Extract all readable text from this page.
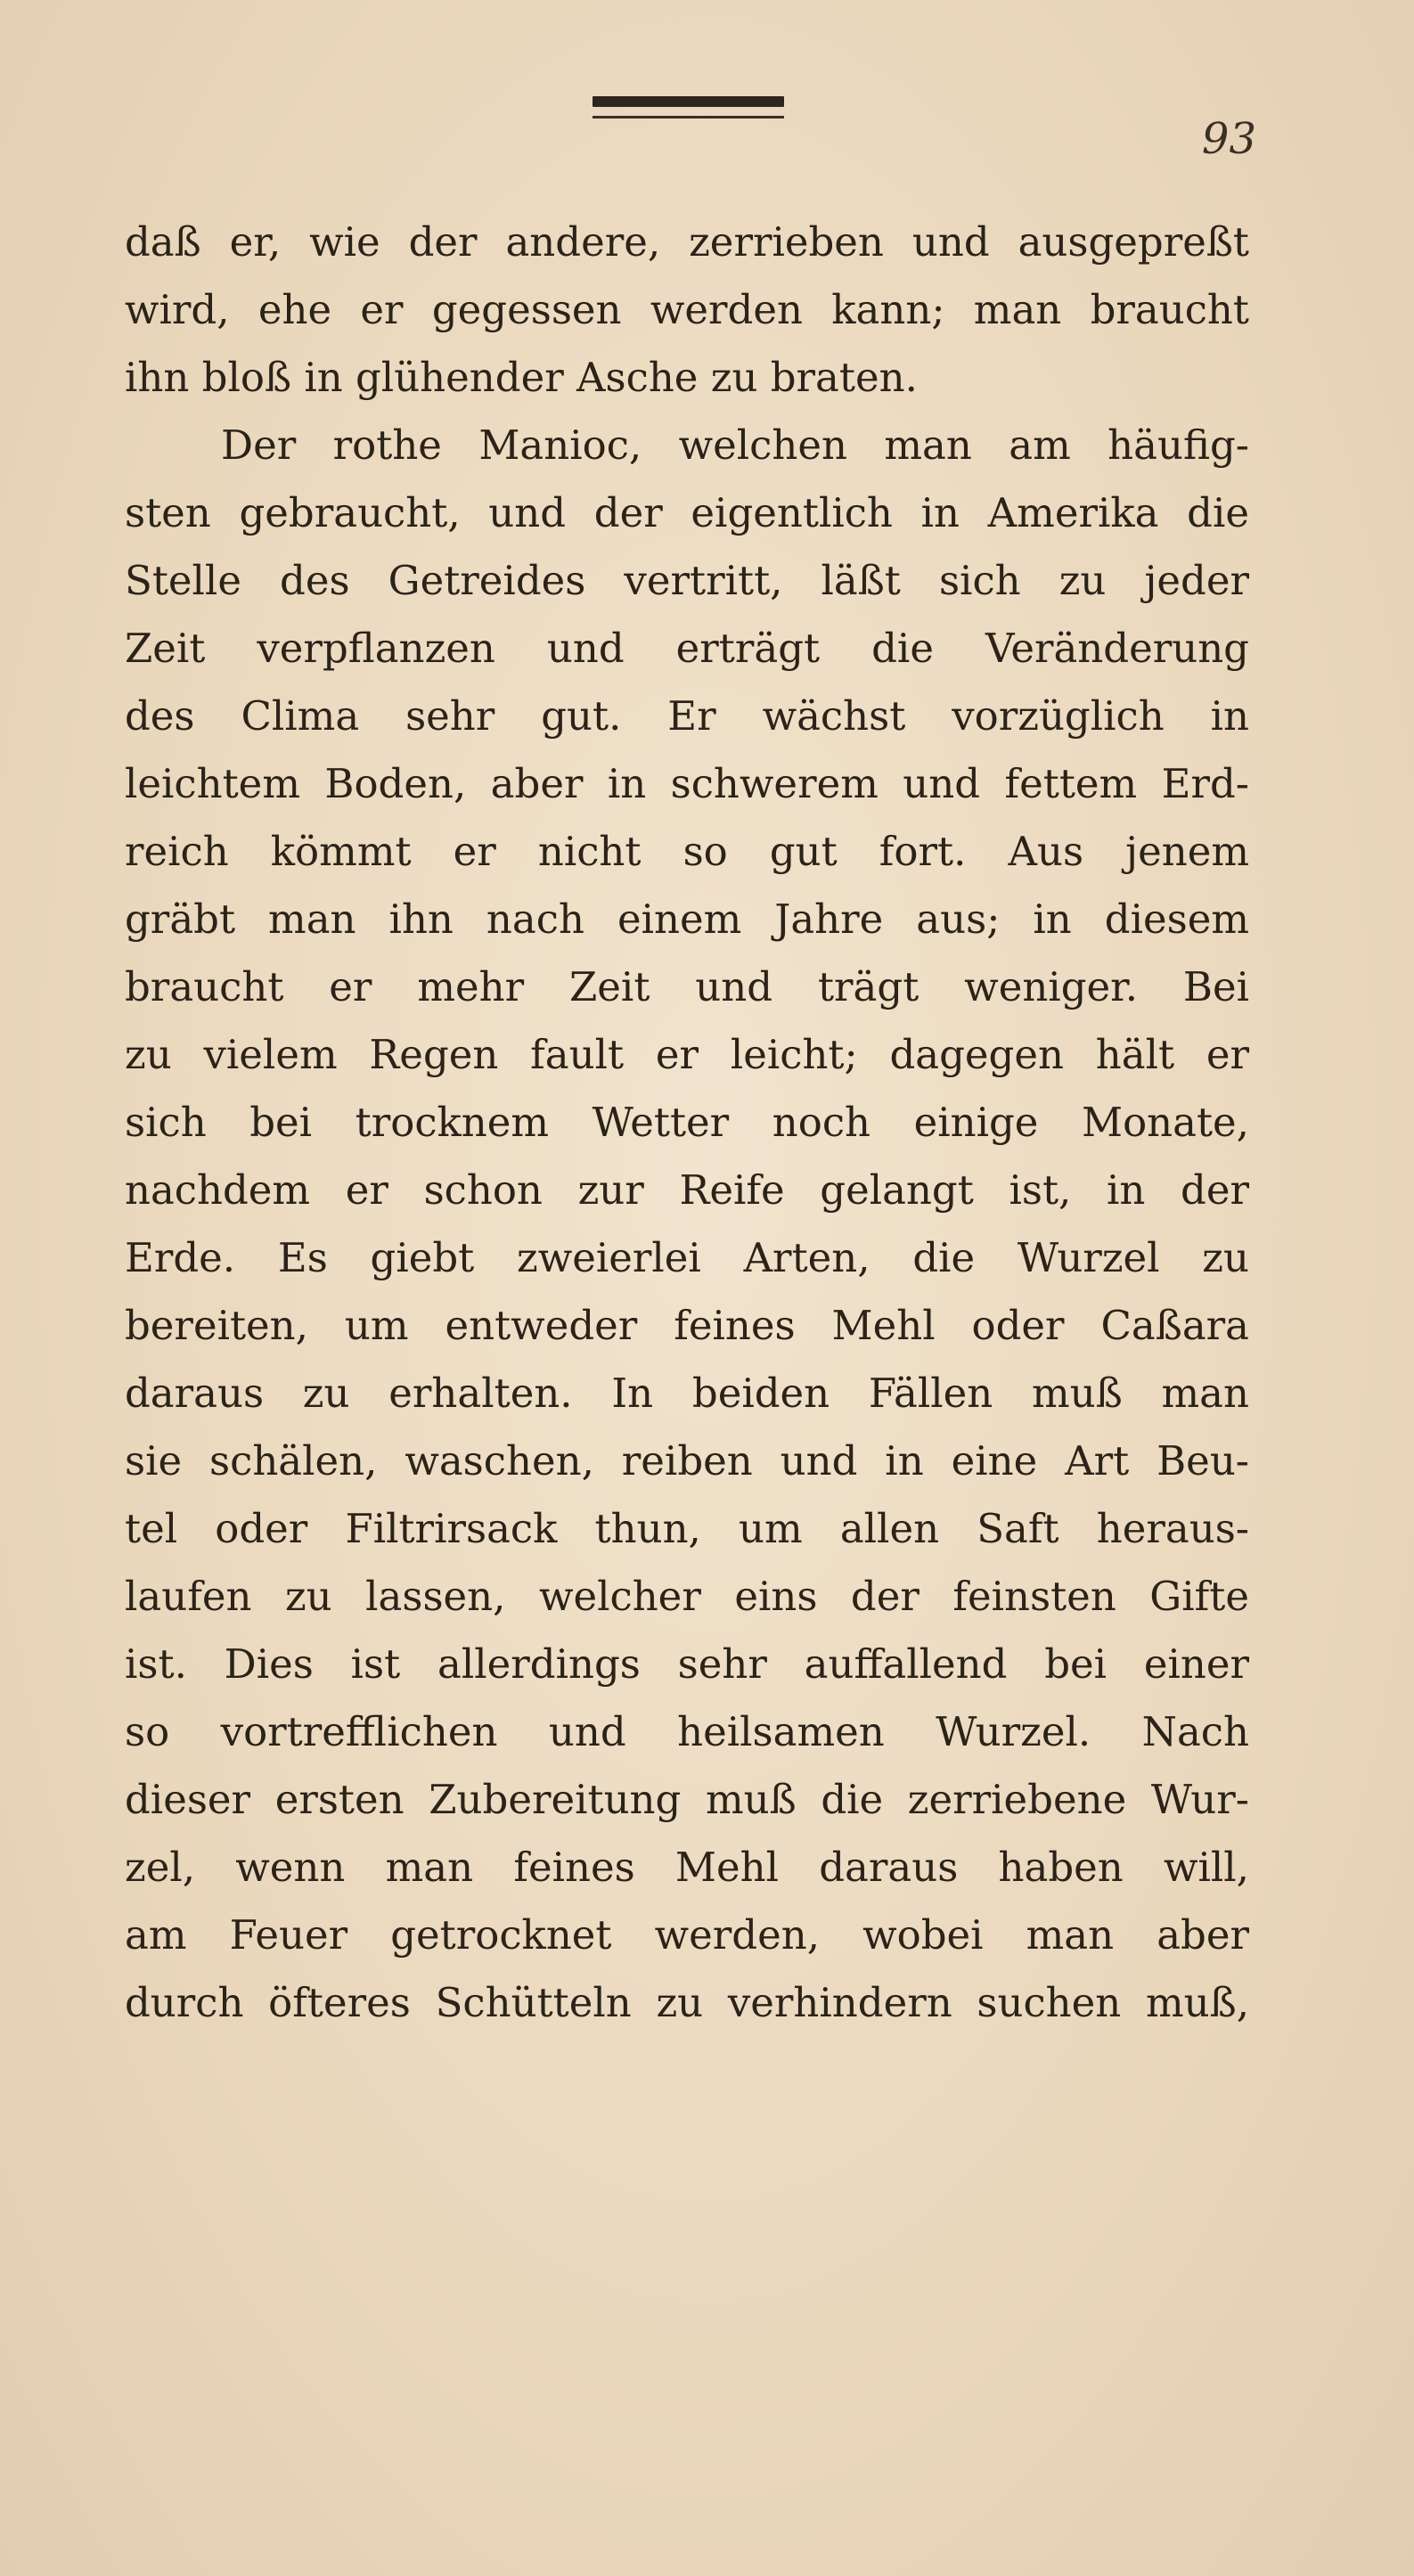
93
daß er, wie der andere, zerrieben und ausgepreßt
wird, ehe er gegessen werden kann; man braucht
ihn bloß in glühender Asche zu braten.
Der rothe Manioc, welchen man am häufig-
sten gebraucht, und der eigentlich in Amerika die
Stelle des Getreides vertritt, läßt sich zu jeder
Zeit verpflanzen und erträgt die Veränderung
des Clima sehr gut. Er wächst vorzüglich in
leichtem Boden, aber in schwerem und fettem Erd-
reich kömmt er nicht so gut fort. Aus jenem
gräbt man ihn nach einem Jahre aus; in diesem
braucht er mehr Zeit und trägt weniger. Bei
zu vielem Regen fault er leicht; dagegen hält er
sich bei trocknem Wetter noch einige Monate,
nachdem er schon zur Reife gelangt ist, in der
Erde. Es giebt zweierlei Arten, die Wurzel zu
bereiten, um entweder feines Mehl oder Caßara
daraus zu erhalten. In beiden Fällen muß man
sie schälen, waschen, reiben und in eine Art Beu-
tel oder Filtrirsack thun, um allen Saft heraus-
laufen zu lassen, welcher eins der feinsten Gifte
ist. Dies ist allerdings sehr auffallend bei einer
so vortrefflichen und heilsamen Wurzel. Nach
dieser ersten Zubereitung muß die zerriebene Wur-
zel, wenn man feines Mehl daraus haben will,
am Feuer getrocknet werden, wobei man aber
durch öfteres Schütteln zu verhindern suchen muß,
